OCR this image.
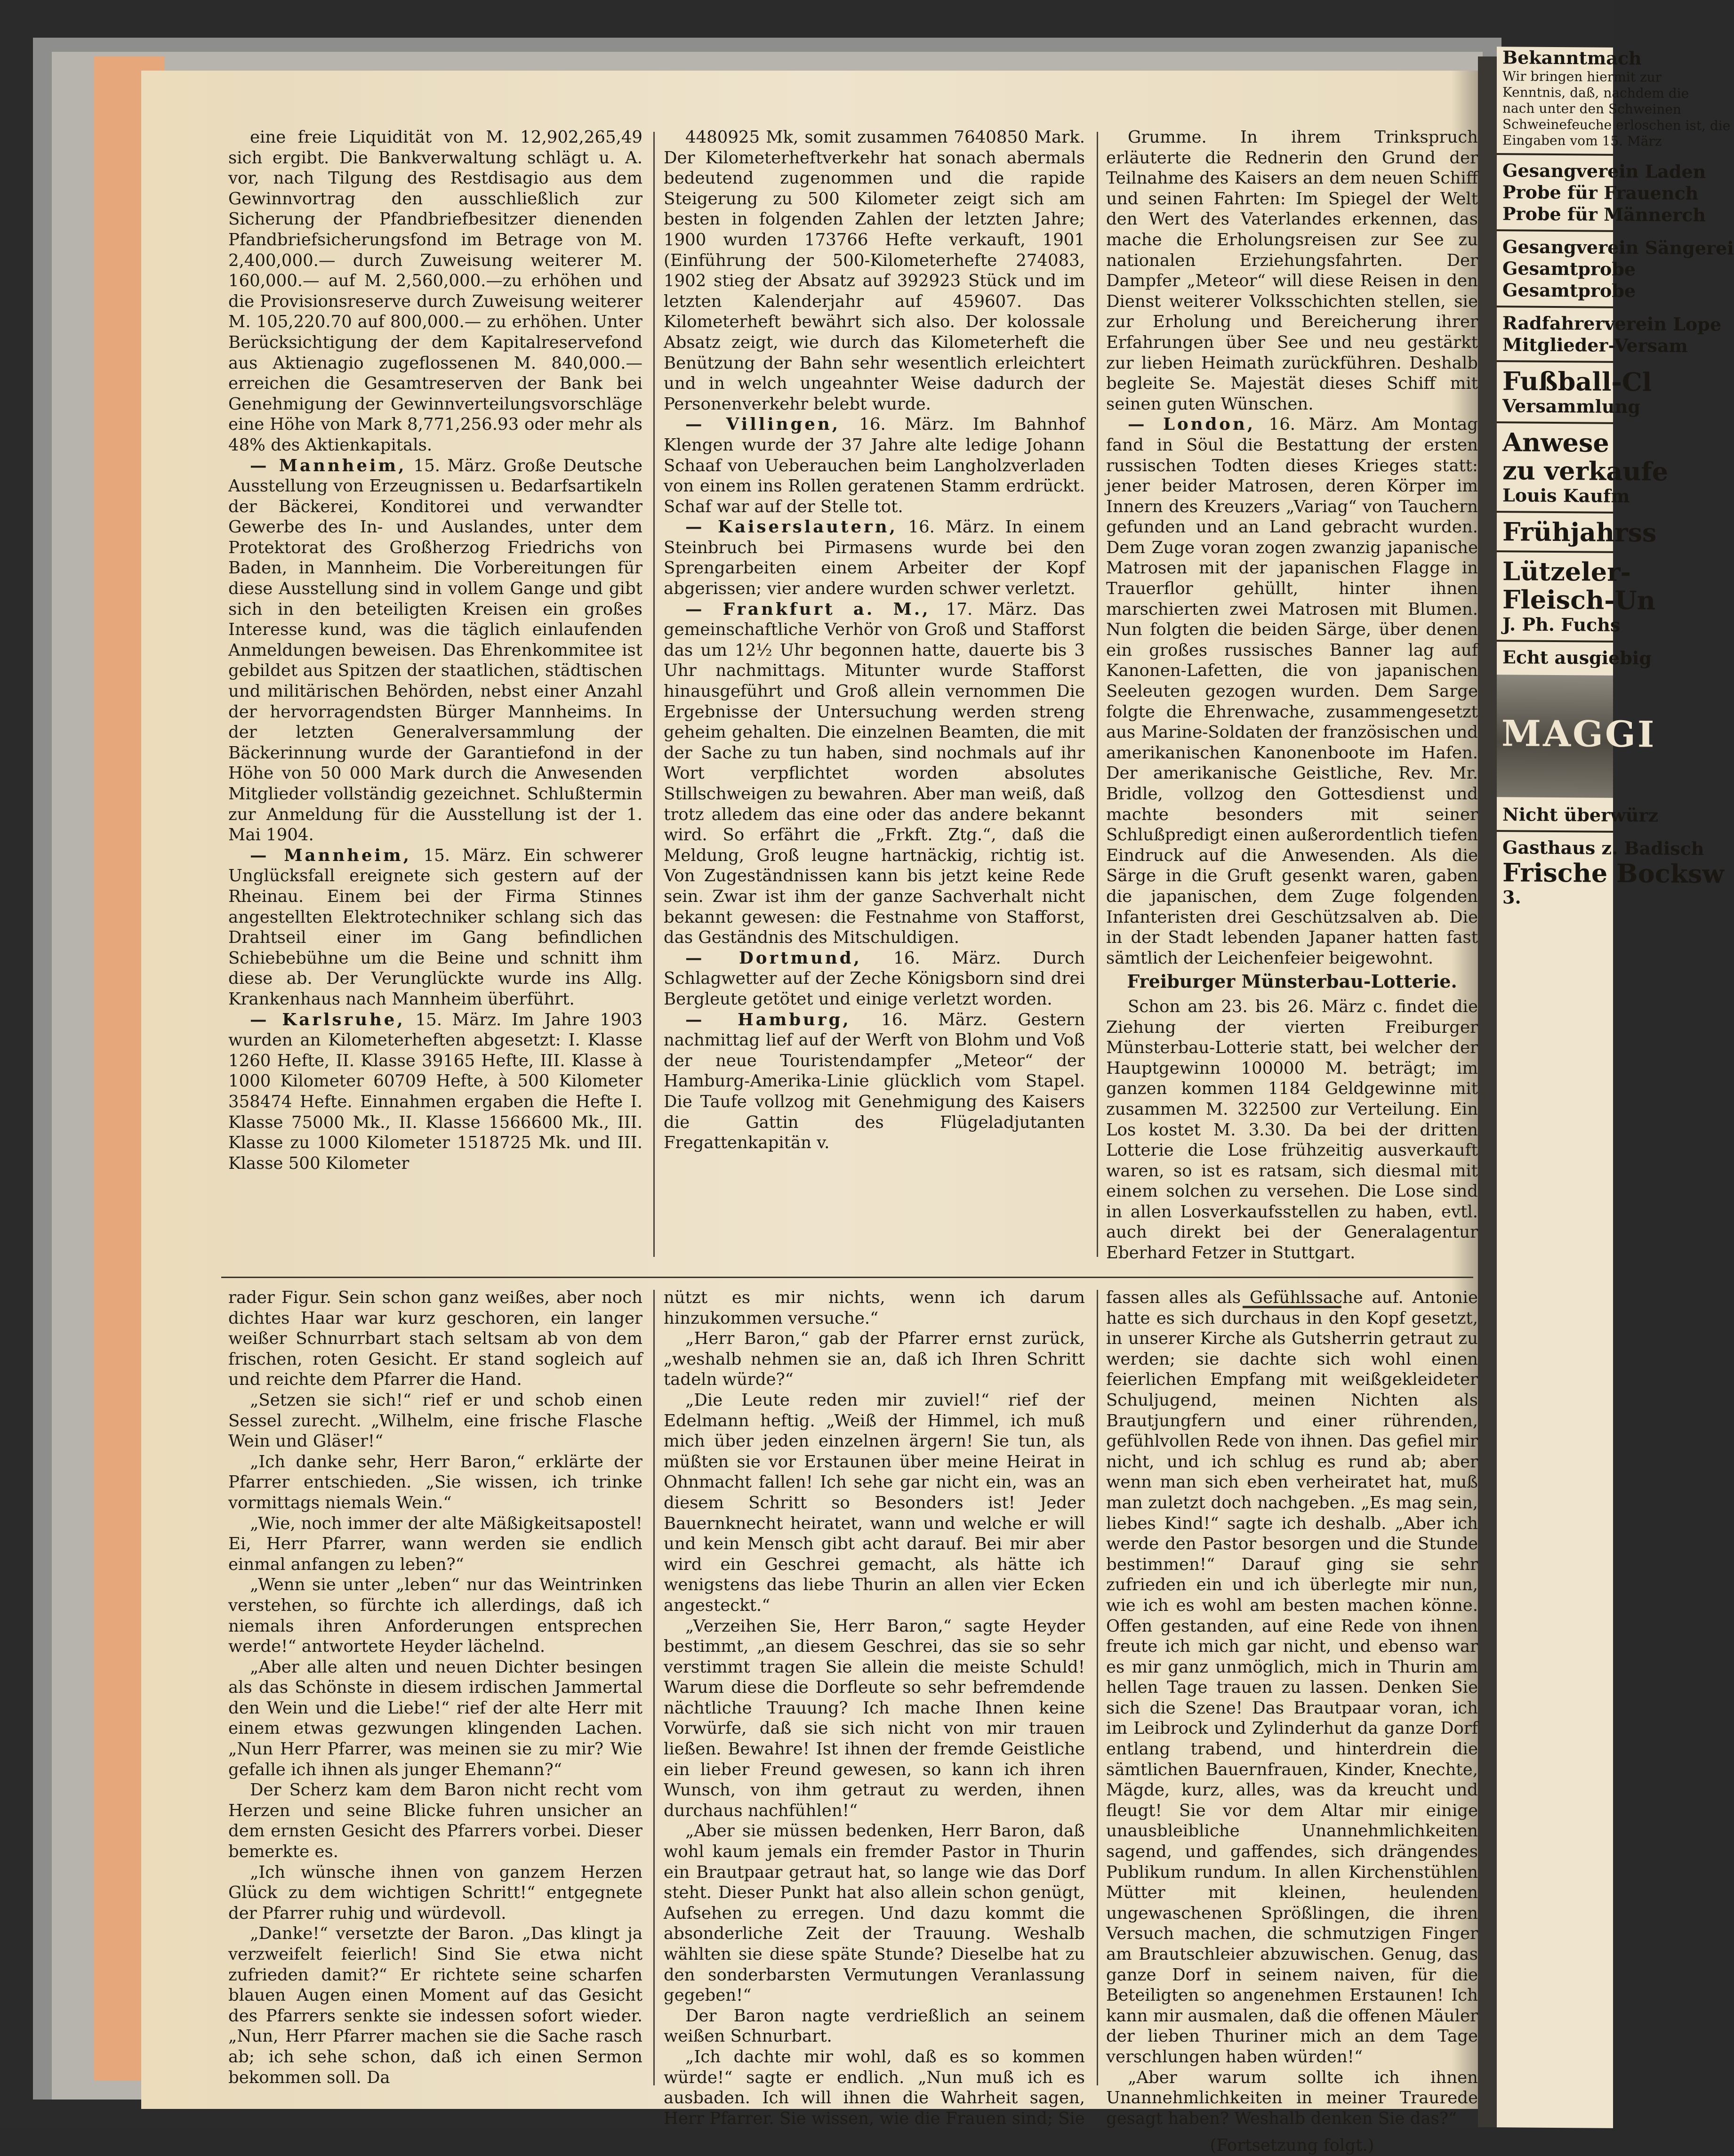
eine freie Liquidität von M. 12,902,265,49 sich ergibt. Die Bankverwaltung schlägt u. A. vor, nach Tilgung des Restdisagio aus dem Gewinnvortrag den ausschließlich zur Sicherung der Pfandbriefbesitzer dienenden Pfandbriefsicherungsfond im Betrage von M. 2,400,000.— durch Zuweisung weiterer M. 160,000.— auf M. 2,560,000.—zu erhöhen und die Provisionsreserve durch Zuweisung weiterer M. 105,220.70 auf 800,000.— zu erhöhen. Unter Berücksichtigung der dem Kapitalreservefond aus Aktienagio zugeflossenen M. 840,000.— erreichen die Gesamtreserven der Bank bei Genehmigung der Gewinnverteilungsvorschläge eine Höhe von Mark 8,771,256.93 oder mehr als 48% des Aktienkapitals.

— Mannheim, 15. März. Große Deutsche Ausstellung von Erzeugnissen u. Bedarfsartikeln der Bäckerei, Konditorei und verwandter Gewerbe des In- und Auslandes, unter dem Protektorat des Großherzog Friedrichs von Baden, in Mannheim. Die Vorbereitungen für diese Ausstellung sind in vollem Gange und gibt sich in den beteiligten Kreisen ein großes Interesse kund, was die täglich einlaufenden Anmeldungen beweisen. Das Ehrenkommitee ist gebildet aus Spitzen der staatlichen, städtischen und militärischen Behörden, nebst einer Anzahl der hervorragendsten Bürger Mannheims. In der letzten Generalversammlung der Bäckerinnung wurde der Garantiefond in der Höhe von 50 000 Mark durch die Anwesenden Mitglieder vollständig gezeichnet. Schlußtermin zur Anmeldung für die Ausstellung ist der 1. Mai 1904.

— Mannheim, 15. März. Ein schwerer Unglücksfall ereignete sich gestern auf der Rheinau. Einem bei der Firma Stinnes angestellten Elektrotechniker schlang sich das Drahtseil einer im Gang befindlichen Schiebebühne um die Beine und schnitt ihm diese ab. Der Verunglückte wurde ins Allg. Krankenhaus nach Mannheim überführt.

— Karlsruhe, 15. März. Im Jahre 1903 wurden an Kilometerheften abgesetzt: I. Klasse 1260 Hefte, II. Klasse 39165 Hefte, III. Klasse à 1000 Kilometer 60709 Hefte, à 500 Kilometer 358474 Hefte. Einnahmen ergaben die Hefte I. Klasse 75000 Mk., II. Klasse 1566600 Mk., III. Klasse zu 1000 Kilometer 1518725 Mk. und III. Klasse 500 Kilometer

4480925 Mk, somit zusammen 7640850 Mark. Der Kilometerheftverkehr hat sonach abermals bedeutend zugenommen und die rapide Steigerung zu 500 Kilometer zeigt sich am besten in folgenden Zahlen der letzten Jahre; 1900 wurden 173766 Hefte verkauft, 1901 (Einführung der 500-Kilometerhefte 274083, 1902 stieg der Absatz auf 392923 Stück und im letzten Kalenderjahr auf 459607. Das Kilometerheft bewährt sich also. Der kolossale Absatz zeigt, wie durch das Kilometerheft die Benützung der Bahn sehr wesentlich erleichtert und in welch ungeahnter Weise dadurch der Personenverkehr belebt wurde.

— Villingen, 16. März. Im Bahnhof Klengen wurde der 37 Jahre alte ledige Johann Schaaf von Ueberauchen beim Langholzverladen von einem ins Rollen geratenen Stamm erdrückt. Schaf war auf der Stelle tot.

— Kaiserslautern, 16. März. In einem Steinbruch bei Pirmasens wurde bei den Sprengarbeiten einem Arbeiter der Kopf abgerissen; vier andere wurden schwer verletzt.

— Frankfurt a. M., 17. März. Das gemeinschaftliche Verhör von Groß und Stafforst das um 12½ Uhr begonnen hatte, dauerte bis 3 Uhr nachmittags. Mitunter wurde Stafforst hinausgeführt und Groß allein vernommen Die Ergebnisse der Untersuchung werden streng geheim gehalten. Die einzelnen Beamten, die mit der Sache zu tun haben, sind nochmals auf ihr Wort verpflichtet worden absolutes Stillschweigen zu bewahren. Aber man weiß, daß trotz alledem das eine oder das andere bekannt wird. So erfährt die „Frkft. Ztg.“, daß die Meldung, Groß leugne hartnäckig, richtig ist. Von Zugeständnissen kann bis jetzt keine Rede sein. Zwar ist ihm der ganze Sachverhalt nicht bekannt gewesen: die Festnahme von Stafforst, das Geständnis des Mitschuldigen.

— Dortmund, 16. März. Durch Schlagwetter auf der Zeche Königsborn sind drei Bergleute getötet und einige verletzt worden.

— Hamburg, 16. März. Gestern nachmittag lief auf der Werft von Blohm und Voß der neue Touristendampfer „Meteor“ der Hamburg-Amerika-Linie glücklich vom Stapel. Die Taufe vollzog mit Genehmigung des Kaisers die Gattin des Flügeladjutanten Fregattenkapitän v.

Grumme. In ihrem Trinkspruch erläuterte die Rednerin den Grund der Teilnahme des Kaisers an dem neuen Schiff und seinen Fahrten: Im Spiegel der Welt den Wert des Vaterlandes erkennen, das mache die Erholungsreisen zur See zu nationalen Erziehungsfahrten. Der Dampfer „Meteor“ will diese Reisen in den Dienst weiterer Volksschichten stellen, sie zur Erholung und Bereicherung ihrer Erfahrungen über See und neu gestärkt zur lieben Heimath zurückführen. Deshalb begleite Se. Majestät dieses Schiff mit seinen guten Wünschen.

— London, 16. März. Am Montag fand in Söul die Bestattung der ersten russischen Todten dieses Krieges statt: jener beider Matrosen, deren Körper im Innern des Kreuzers „Variag“ von Tauchern gefunden und an Land gebracht wurden. Dem Zuge voran zogen zwanzig japanische Matrosen mit der japanischen Flagge in Trauerflor gehüllt, hinter ihnen marschierten zwei Matrosen mit Blumen. Nun folgten die beiden Särge, über denen ein großes russisches Banner lag auf Kanonen-Lafetten, die von japanischen Seeleuten gezogen wurden. Dem Sarge folgte die Ehrenwache, zusammengesetzt aus Marine-Soldaten der französischen und amerikanischen Kanonenboote im Hafen. Der amerikanische Geistliche, Rev. Mr. Bridle, vollzog den Gottesdienst und machte besonders mit seiner Schlußpredigt einen außerordentlich tiefen Eindruck auf die Anwesenden. Als die Särge in die Gruft gesenkt waren, gaben die japanischen, dem Zuge folgenden Infanteristen drei Geschützsalven ab. Die in der Stadt lebenden Japaner hatten fast sämtlich der Leichenfeier beigewohnt.

Freiburger Münsterbau-Lotterie.

Schon am 23. bis 26. März c. findet die Ziehung der vierten Freiburger Münsterbau-Lotterie statt, bei welcher der Hauptgewinn 100000 M. beträgt; im ganzen kommen 1184 Geldgewinne mit zusammen M. 322500 zur Verteilung. Ein Los kostet M. 3.30. Da bei der dritten Lotterie die Lose frühzeitig ausverkauft waren, so ist es ratsam, sich diesmal mit einem solchen zu versehen. Die Lose sind in allen Losverkaufsstellen zu haben, evtl. auch direkt bei der Generalagentur Eberhard Fetzer in Stuttgart.

rader Figur. Sein schon ganz weißes, aber noch dichtes Haar war kurz geschoren, ein langer weißer Schnurrbart stach seltsam ab von dem frischen, roten Gesicht. Er stand sogleich auf und reichte dem Pfarrer die Hand.

„Setzen sie sich!“ rief er und schob einen Sessel zurecht. „Wilhelm, eine frische Flasche Wein und Gläser!“

„Ich danke sehr, Herr Baron,“ erklärte der Pfarrer entschieden. „Sie wissen, ich trinke vormittags niemals Wein.“

„Wie, noch immer der alte Mäßigkeitsapostel! Ei, Herr Pfarrer, wann werden sie endlich einmal anfangen zu leben?“

„Wenn sie unter „leben“ nur das Weintrinken verstehen, so fürchte ich allerdings, daß ich niemals ihren Anforderungen entsprechen werde!“ antwortete Heyder lächelnd.

„Aber alle alten und neuen Dichter besingen als das Schönste in diesem irdischen Jammertal den Wein und die Liebe!“ rief der alte Herr mit einem etwas gezwungen klingenden Lachen. „Nun Herr Pfarrer, was meinen sie zu mir? Wie gefalle ich ihnen als junger Ehemann?“

Der Scherz kam dem Baron nicht recht vom Herzen und seine Blicke fuhren unsicher an dem ernsten Gesicht des Pfarrers vorbei. Dieser bemerkte es.

„Ich wünsche ihnen von ganzem Herzen Glück zu dem wichtigen Schritt!“ entgegnete der Pfarrer ruhig und würdevoll.

„Danke!“ versetzte der Baron. „Das klingt ja verzweifelt feierlich! Sind Sie etwa nicht zufrieden damit?“ Er richtete seine scharfen blauen Augen einen Moment auf das Gesicht des Pfarrers senkte sie indessen sofort wieder. „Nun, Herr Pfarrer machen sie die Sache rasch ab; ich sehe schon, daß ich einen Sermon bekommen soll. Da

nützt es mir nichts, wenn ich darum hinzukommen versuche.“

„Herr Baron,“ gab der Pfarrer ernst zurück, „weshalb nehmen sie an, daß ich Ihren Schritt tadeln würde?“

„Die Leute reden mir zuviel!“ rief der Edelmann heftig. „Weiß der Himmel, ich muß mich über jeden einzelnen ärgern! Sie tun, als müßten sie vor Erstaunen über meine Heirat in Ohnmacht fallen! Ich sehe gar nicht ein, was an diesem Schritt so Besonders ist! Jeder Bauernknecht heiratet, wann und welche er will und kein Mensch gibt acht darauf. Bei mir aber wird ein Geschrei gemacht, als hätte ich wenigstens das liebe Thurin an allen vier Ecken angesteckt.“

„Verzeihen Sie, Herr Baron,“ sagte Heyder bestimmt, „an diesem Geschrei, das sie so sehr verstimmt tragen Sie allein die meiste Schuld! Warum diese die Dorfleute so sehr befremdende nächtliche Trauung? Ich mache Ihnen keine Vorwürfe, daß sie sich nicht von mir trauen ließen. Bewahre! Ist ihnen der fremde Geistliche ein lieber Freund gewesen, so kann ich ihren Wunsch, von ihm getraut zu werden, ihnen durchaus nachfühlen!“

„Aber sie müssen bedenken, Herr Baron, daß wohl kaum jemals ein fremder Pastor in Thurin ein Brautpaar getraut hat, so lange wie das Dorf steht. Dieser Punkt hat also allein schon genügt, Aufsehen zu erregen. Und dazu kommt die absonderliche Zeit der Trauung. Weshalb wählten sie diese späte Stunde? Dieselbe hat zu den sonderbarsten Vermutungen Veranlassung gegeben!“

Der Baron nagte verdrießlich an seinem weißen Schnurbart.

„Ich dachte mir wohl, daß es so kommen würde!“ sagte er endlich. „Nun muß ich es ausbaden. Ich will ihnen die Wahrheit sagen, Herr Pfarrer. Sie wissen, wie die Frauen sind; Sie

fassen alles als Gefühlssache auf. Antonie hatte es sich durchaus in den Kopf gesetzt, in unserer Kirche als Gutsherrin getraut zu werden; sie dachte sich wohl einen feierlichen Empfang mit weißgekleideter Schuljugend, meinen Nichten als Brautjungfern und einer rührenden, gefühlvollen Rede von ihnen. Das gefiel mir nicht, und ich schlug es rund ab; aber wenn man sich eben verheiratet hat, muß man zuletzt doch nachgeben. „Es mag sein, liebes Kind!“ sagte ich deshalb. „Aber ich werde den Pastor besorgen und die Stunde bestimmen!“ Darauf ging sie sehr zufrieden ein und ich überlegte mir nun, wie ich es wohl am besten machen könne. Offen gestanden, auf eine Rede von ihnen freute ich mich gar nicht, und ebenso war es mir ganz unmöglich, mich in Thurin am hellen Tage trauen zu lassen. Denken Sie sich die Szene! Das Brautpaar voran, ich im Leibrock und Zylinderhut da ganze Dorf entlang trabend, und hinterdrein die sämtlichen Bauernfrauen, Kinder, Knechte, Mägde, kurz, alles, was da kreucht und fleugt! Sie vor dem Altar mir einige unausbleibliche Unannehmlichkeiten sagend, und gaffendes, sich drängendes Publikum rundum. In allen Kirchenstühlen Mütter mit kleinen, heulenden ungewaschenen Sprößlingen, die ihren Versuch machen, die schmutzigen Finger am Brautschleier abzuwischen. Genug, das ganze Dorf in seinem naiven, für die Beteiligten so angenehmen Erstaunen! Ich kann mir ausmalen, daß die offenen Mäuler der lieben Thuriner mich an dem Tage verschlungen haben würden!“

„Aber warum sollte ich ihnen Unannehmlichkeiten in meiner Traurede gesagt haben? Weshalb denken Sie das?“

(Fortsetzung folgt.)

Bekanntmach
Wir bringen hiermit zur
Kenntnis, daß, nachdem die
nach unter den Schweinen
Schweinefeuche erloschen ist, die
Eingaben vom 15. März
Gesangverein Laden
Probe für Frauench
Probe für Männerch
Gesangverein Sängerei
Gesamtprobe
Gesamtprobe
Radfahrerverein Lope
Mitglieder-Versam
Fußball-Cl
Versammlung
Anwese
zu verkaufe
Louis Kaufm
Frühjahrss
Lützeler-
Fleisch-Un
J. Ph. Fuchs
Echt ausgiebig
MAGGI
Nicht überwürz
Gasthaus z. Badisch
Frische Bocksw
3.
